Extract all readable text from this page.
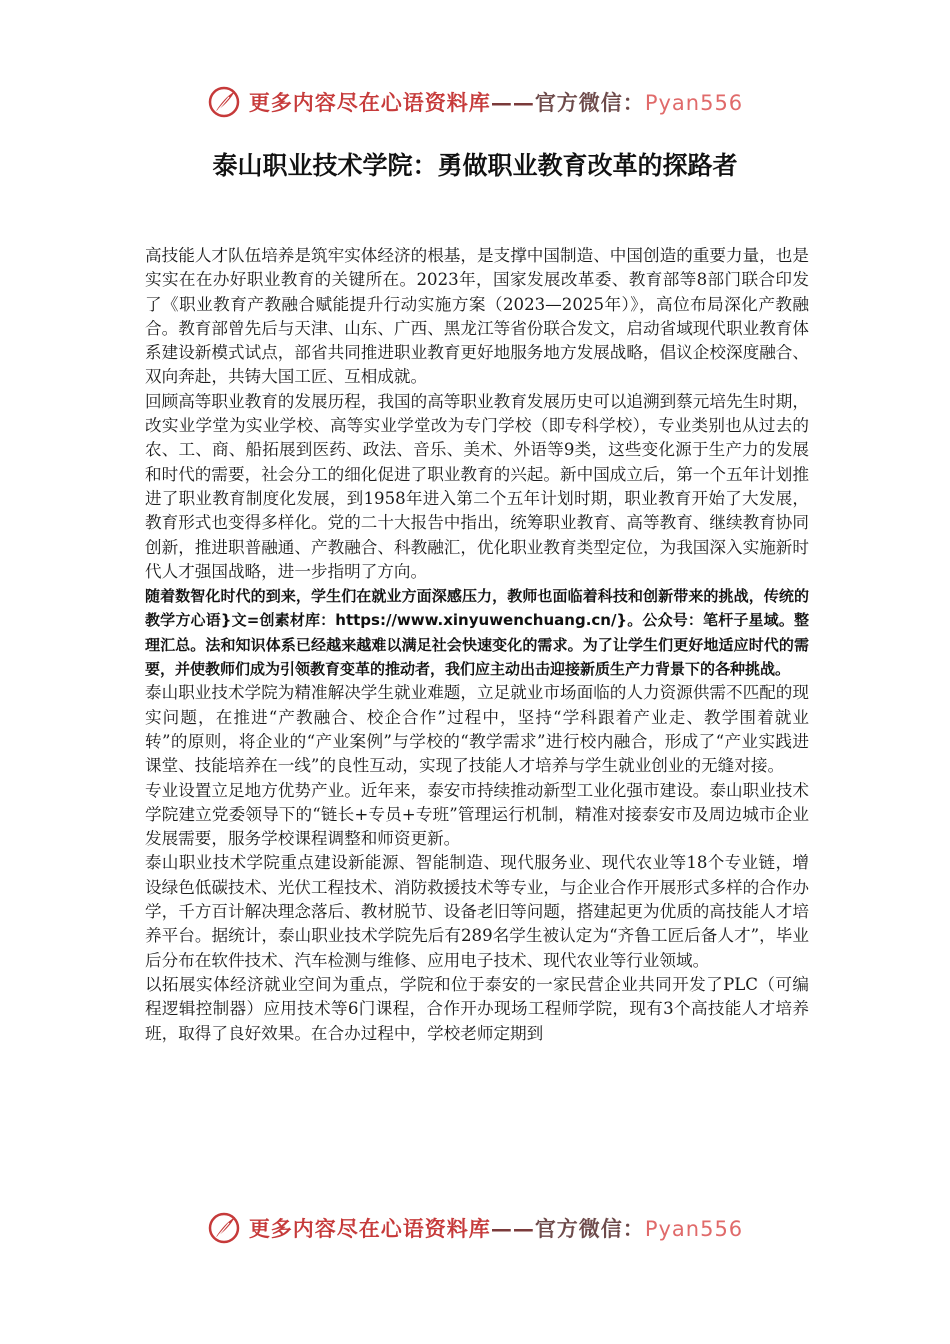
更多内容尽在心语资料库——官方微信：Pyan556
泰山职业技术学院：勇做职业教育改革的探路者

高技能人才队伍培养是筑牢实体经济的根基，是支撑中国制造、中国创造的重要力量，也是实实在在办好职业教育的关键所在。2023年，国家发展改革委、教育部等8部门联合印发了《职业教育产教融合赋能提升行动实施方案（2023—2025年）》，高位布局深化产教融合。教育部曾先后与天津、山东、广西、黑龙江等省份联合发文，启动省域现代职业教育体系建设新模式试点，部省共同推进职业教育更好地服务地方发展战略，倡议企校深度融合、双向奔赴，共铸大国工匠、互相成就。

回顾高等职业教育的发展历程，我国的高等职业教育发展历史可以追溯到蔡元培先生时期，改实业学堂为实业学校、高等实业学堂改为专门学校（即专科学校），专业类别也从过去的农、工、商、船拓展到医药、政法、音乐、美术、外语等9类，这些变化源于生产力的发展和时代的需要，社会分工的细化促进了职业教育的兴起。新中国成立后，第一个五年计划推进了职业教育制度化发展，到1958年进入第二个五年计划时期，职业教育开始了大发展，教育形式也变得多样化。党的二十大报告中指出，统筹职业教育、高等教育、继续教育协同创新，推进职普融通、产教融合、科教融汇，优化职业教育类型定位，为我国深入实施新时代人才强国战略，进一步指明了方向。

随着数智化时代的到来，学生们在就业方面深感压力，教师也面临着科技和创新带来的挑战，传统的教学方心语}文=创素材库：https://www.xinyuwenchuang.cn/}。公众号：笔杆子星域。整理汇总。法和知识体系已经越来越难以满足社会快速变化的需求。为了让学生们更好地适应时代的需要，并使教师们成为引领教育变革的推动者，我们应主动出击迎接新质生产力背景下的各种挑战。

泰山职业技术学院为精准解决学生就业难题，立足就业市场面临的人力资源供需不匹配的现实问题，在推进“产教融合、校企合作”过程中，坚持“学科跟着产业走、教学围着就业转”的原则，将企业的“产业案例”与学校的“教学需求”进行校内融合，形成了“产业实践进课堂、技能培养在一线”的良性互动，实现了技能人才培养与学生就业创业的无缝对接。

专业设置立足地方优势产业。近年来，泰安市持续推动新型工业化强市建设。泰山职业技术学院建立党委领导下的“链长+专员+专班”管理运行机制，精准对接泰安市及周边城市企业发展需要，服务学校课程调整和师资更新。

泰山职业技术学院重点建设新能源、智能制造、现代服务业、现代农业等18个专业链，增设绿色低碳技术、光伏工程技术、消防救援技术等专业，与企业合作开展形式多样的合作办学，千方百计解决理念落后、教材脱节、设备老旧等问题，搭建起更为优质的高技能人才培养平台。据统计，泰山职业技术学院先后有289名学生被认定为“齐鲁工匠后备人才”，毕业后分布在软件技术、汽车检测与维修、应用电子技术、现代农业等行业领域。

以拓展实体经济就业空间为重点，学院和位于泰安的一家民营企业共同开发了PLC（可编程逻辑控制器）应用技术等6门课程，合作开办现场工程师学院，现有3个高技能人才培养班，取得了良好效果。在合办过程中，学校老师定期到

更多内容尽在心语资料库——官方微信：Pyan556
